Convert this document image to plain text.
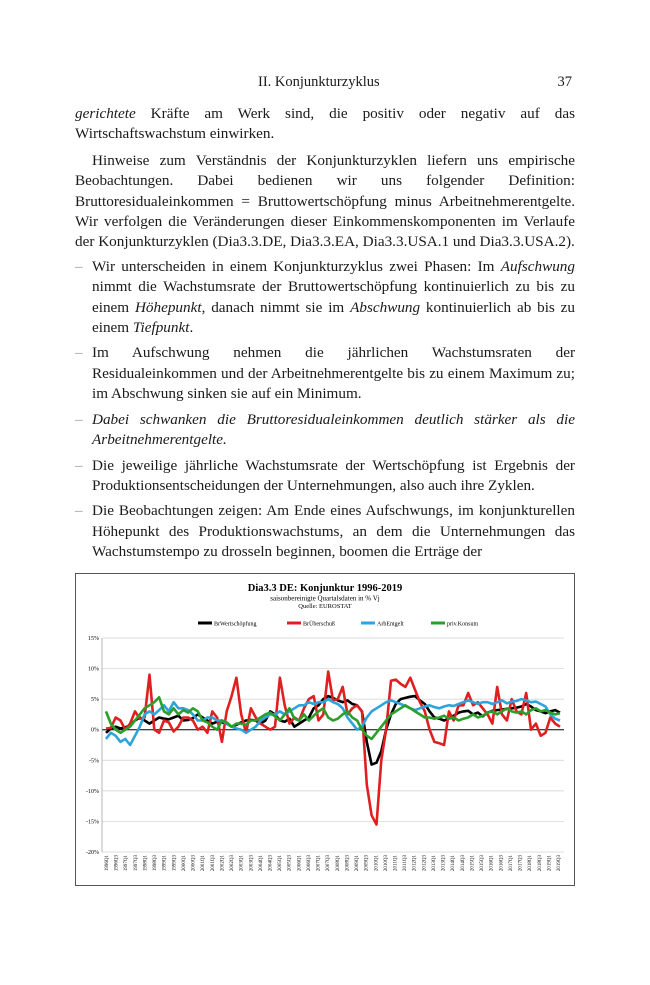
II. Konjunkturzyklus	37

gerichtete Kräfte am Werk sind, die positiv oder negativ auf das Wirtschaftswachstum einwirken.

Hinweise zum Verständnis der Konjunkturzyklen liefern uns empirische Beobachtungen. Dabei bedienen wir uns folgender Definition: Bruttoresidualeinkommen = Bruttowertschöpfung minus Arbeitnehmerentgelte. Wir verfolgen die Veränderungen dieser Einkommenskomponenten im Verlaufe der Konjunkturzyklen (Dia3.3.DE, Dia3.3.EA, Dia3.3.USA.1 und Dia3.3.USA.2).

– Wir unterscheiden in einem Konjunkturzyklus zwei Phasen: Im Aufschwung nimmt die Wachstumsrate der Bruttowertschöpfung kontinuierlich zu bis zu einem Höhepunkt, danach nimmt sie im Abschwung kontinuierlich ab bis zu einem Tiefpunkt.
– Im Aufschwung nehmen die jährlichen Wachstumsraten der Residualeinkommen und der Arbeitnehmerentgelte bis zu einem Maximum zu; im Abschwung sinken sie auf ein Minimum.
– Dabei schwanken die Bruttoresidualeinkommen deutlich stärker als die Arbeitnehmerentgelte.
– Die jeweilige jährliche Wachstumsrate der Wertschöpfung ist Ergebnis der Produktionsentscheidungen der Unternehmungen, also auch ihre Zyklen.
– Die Beobachtungen zeigen: Am Ende eines Aufschwungs, im konjunkturellen Höhepunkt des Produktionswachstums, an dem die Unternehmungen das Wachstumstempo zu drosseln beginnen, boomen die Erträge der
Dia3.3 DE: Konjunktur 1996-2019
saisonbereinigte Quartalsdaten in % Vj
Quelle: EUROSTAT
BrWertschöpfung	BrÜberschuß	ArbEntgelt	priv.Konsum
15%
10%
5%
0%
-5%
-10%
-15%
-20%
1996Q1 1996Q3 1997Q1 1997Q3 1998Q1 1998Q3 1999Q1 1999Q3 2000Q1 2000Q3 2001Q1 2001Q3 2002Q1 2002Q3 2003Q1 2003Q3 2004Q1 2004Q3 2005Q1 2005Q3 2006Q1 2006Q3 2007Q1 2007Q3 2008Q1 2008Q3 2009Q1 2009Q3 2010Q1 2010Q3 2011Q1 2011Q3 2012Q1 2012Q3 2013Q1 2013Q3 2014Q1 2014Q3 2015Q1 2015Q3 2016Q1 2016Q3 2017Q1 2017Q3 2018Q1 2018Q3 2019Q1 2019Q3
